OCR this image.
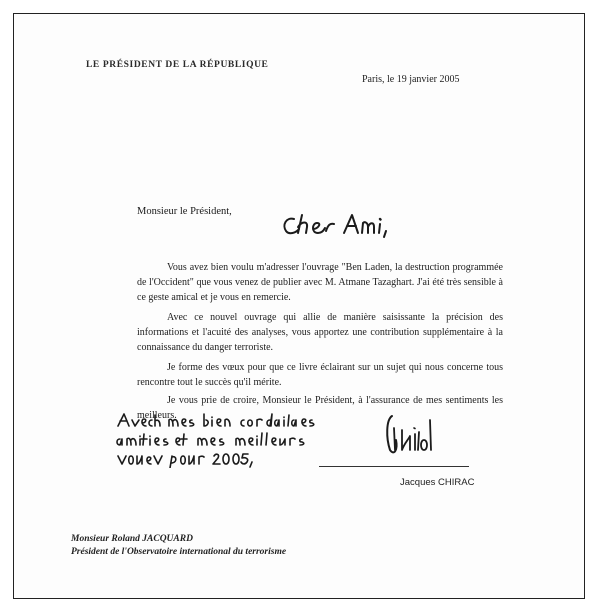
LE PRÉSIDENT DE LA RÉPUBLIQUE
Paris, le 19 janvier 2005
Monsieur le Président,

Vous avez bien voulu m'adresser l'ouvrage "Ben Laden, la destruction programmée de l'Occident" que vous venez de publier avec M. Atmane Tazaghart. J'ai été très sensible à ce geste amical et je vous en remercie.

Avec ce nouvel ouvrage qui allie de manière saisissante la précision des informations et l'acuité des analyses, vous apportez une contribution supplémentaire à la connaissance du danger terroriste.

Je forme des vœux pour que ce livre éclairant sur un sujet qui nous concerne tous rencontre tout le succès qu'il mérite.

Je vous prie de croire, Monsieur le Président, à l'assurance de mes sentiments les meilleurs.

Jacques CHIRAC
Monsieur Roland JACQUARD
Président de l'Observatoire international du terrorisme
